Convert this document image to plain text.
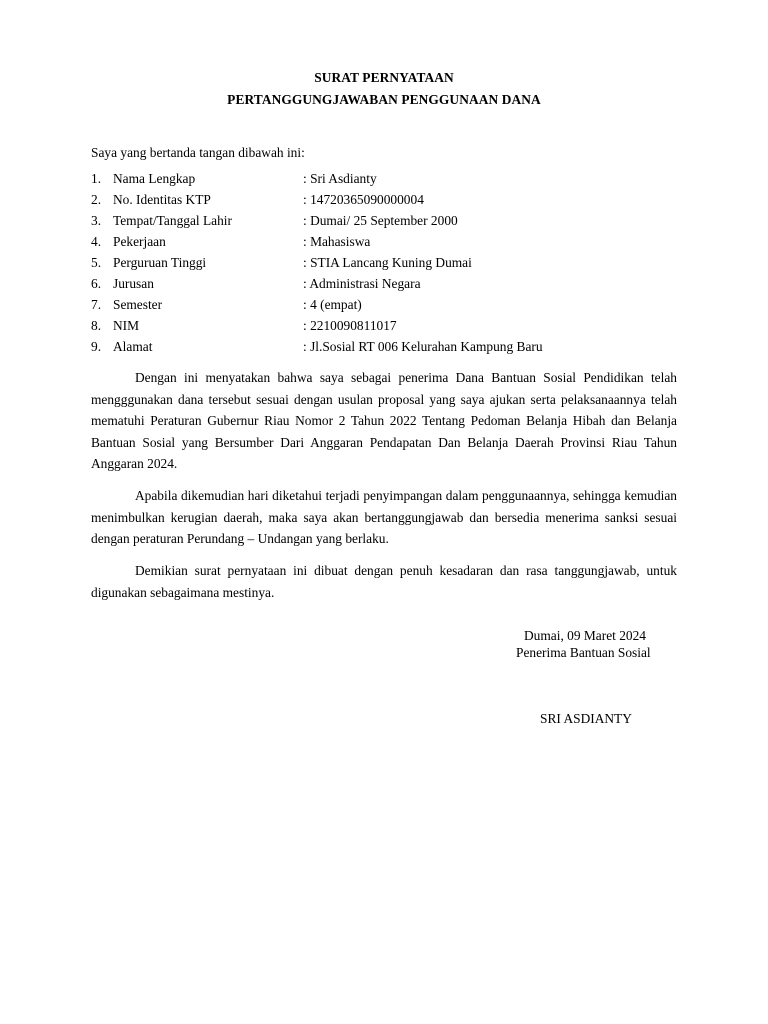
SURAT PERNYATAAN
PERTANGGUNGJAWABAN PENGGUNAAN DANA
Saya yang bertanda tangan dibawah ini:
1. Nama Lengkap	: Sri Asdianty
2. No. Identitas KTP	: 14720365090000004
3. Tempat/Tanggal Lahir	: Dumai/ 25 September 2000
4. Pekerjaan	: Mahasiswa
5. Perguruan Tinggi	: STIA Lancang Kuning Dumai
6. Jurusan	: Administrasi Negara
7. Semester	: 4 (empat)
8. NIM	: 2210090811017
9. Alamat	: Jl.Sosial RT 006 Kelurahan Kampung Baru

Dengan ini menyatakan bahwa saya sebagai penerima Dana Bantuan Sosial Pendidikan telah mengggunakan dana tersebut sesuai dengan usulan proposal yang saya ajukan serta pelaksanaannya telah mematuhi Peraturan Gubernur Riau Nomor 2 Tahun 2022 Tentang Pedoman Belanja Hibah dan Belanja Bantuan Sosial yang Bersumber Dari Anggaran Pendapatan Dan Belanja Daerah Provinsi Riau Tahun Anggaran 2024.

Apabila dikemudian hari diketahui terjadi penyimpangan dalam penggunaannya, sehingga kemudian menimbulkan kerugian daerah, maka saya akan bertanggungjawab dan bersedia menerima sanksi sesuai dengan peraturan Perundang – Undangan yang berlaku.

Demikian surat pernyataan ini dibuat dengan penuh kesadaran dan rasa tanggungjawab, untuk digunakan sebagaimana mestinya.

Dumai, 09 Maret 2024
Penerima Bantuan Sosial
SRI ASDIANTY
